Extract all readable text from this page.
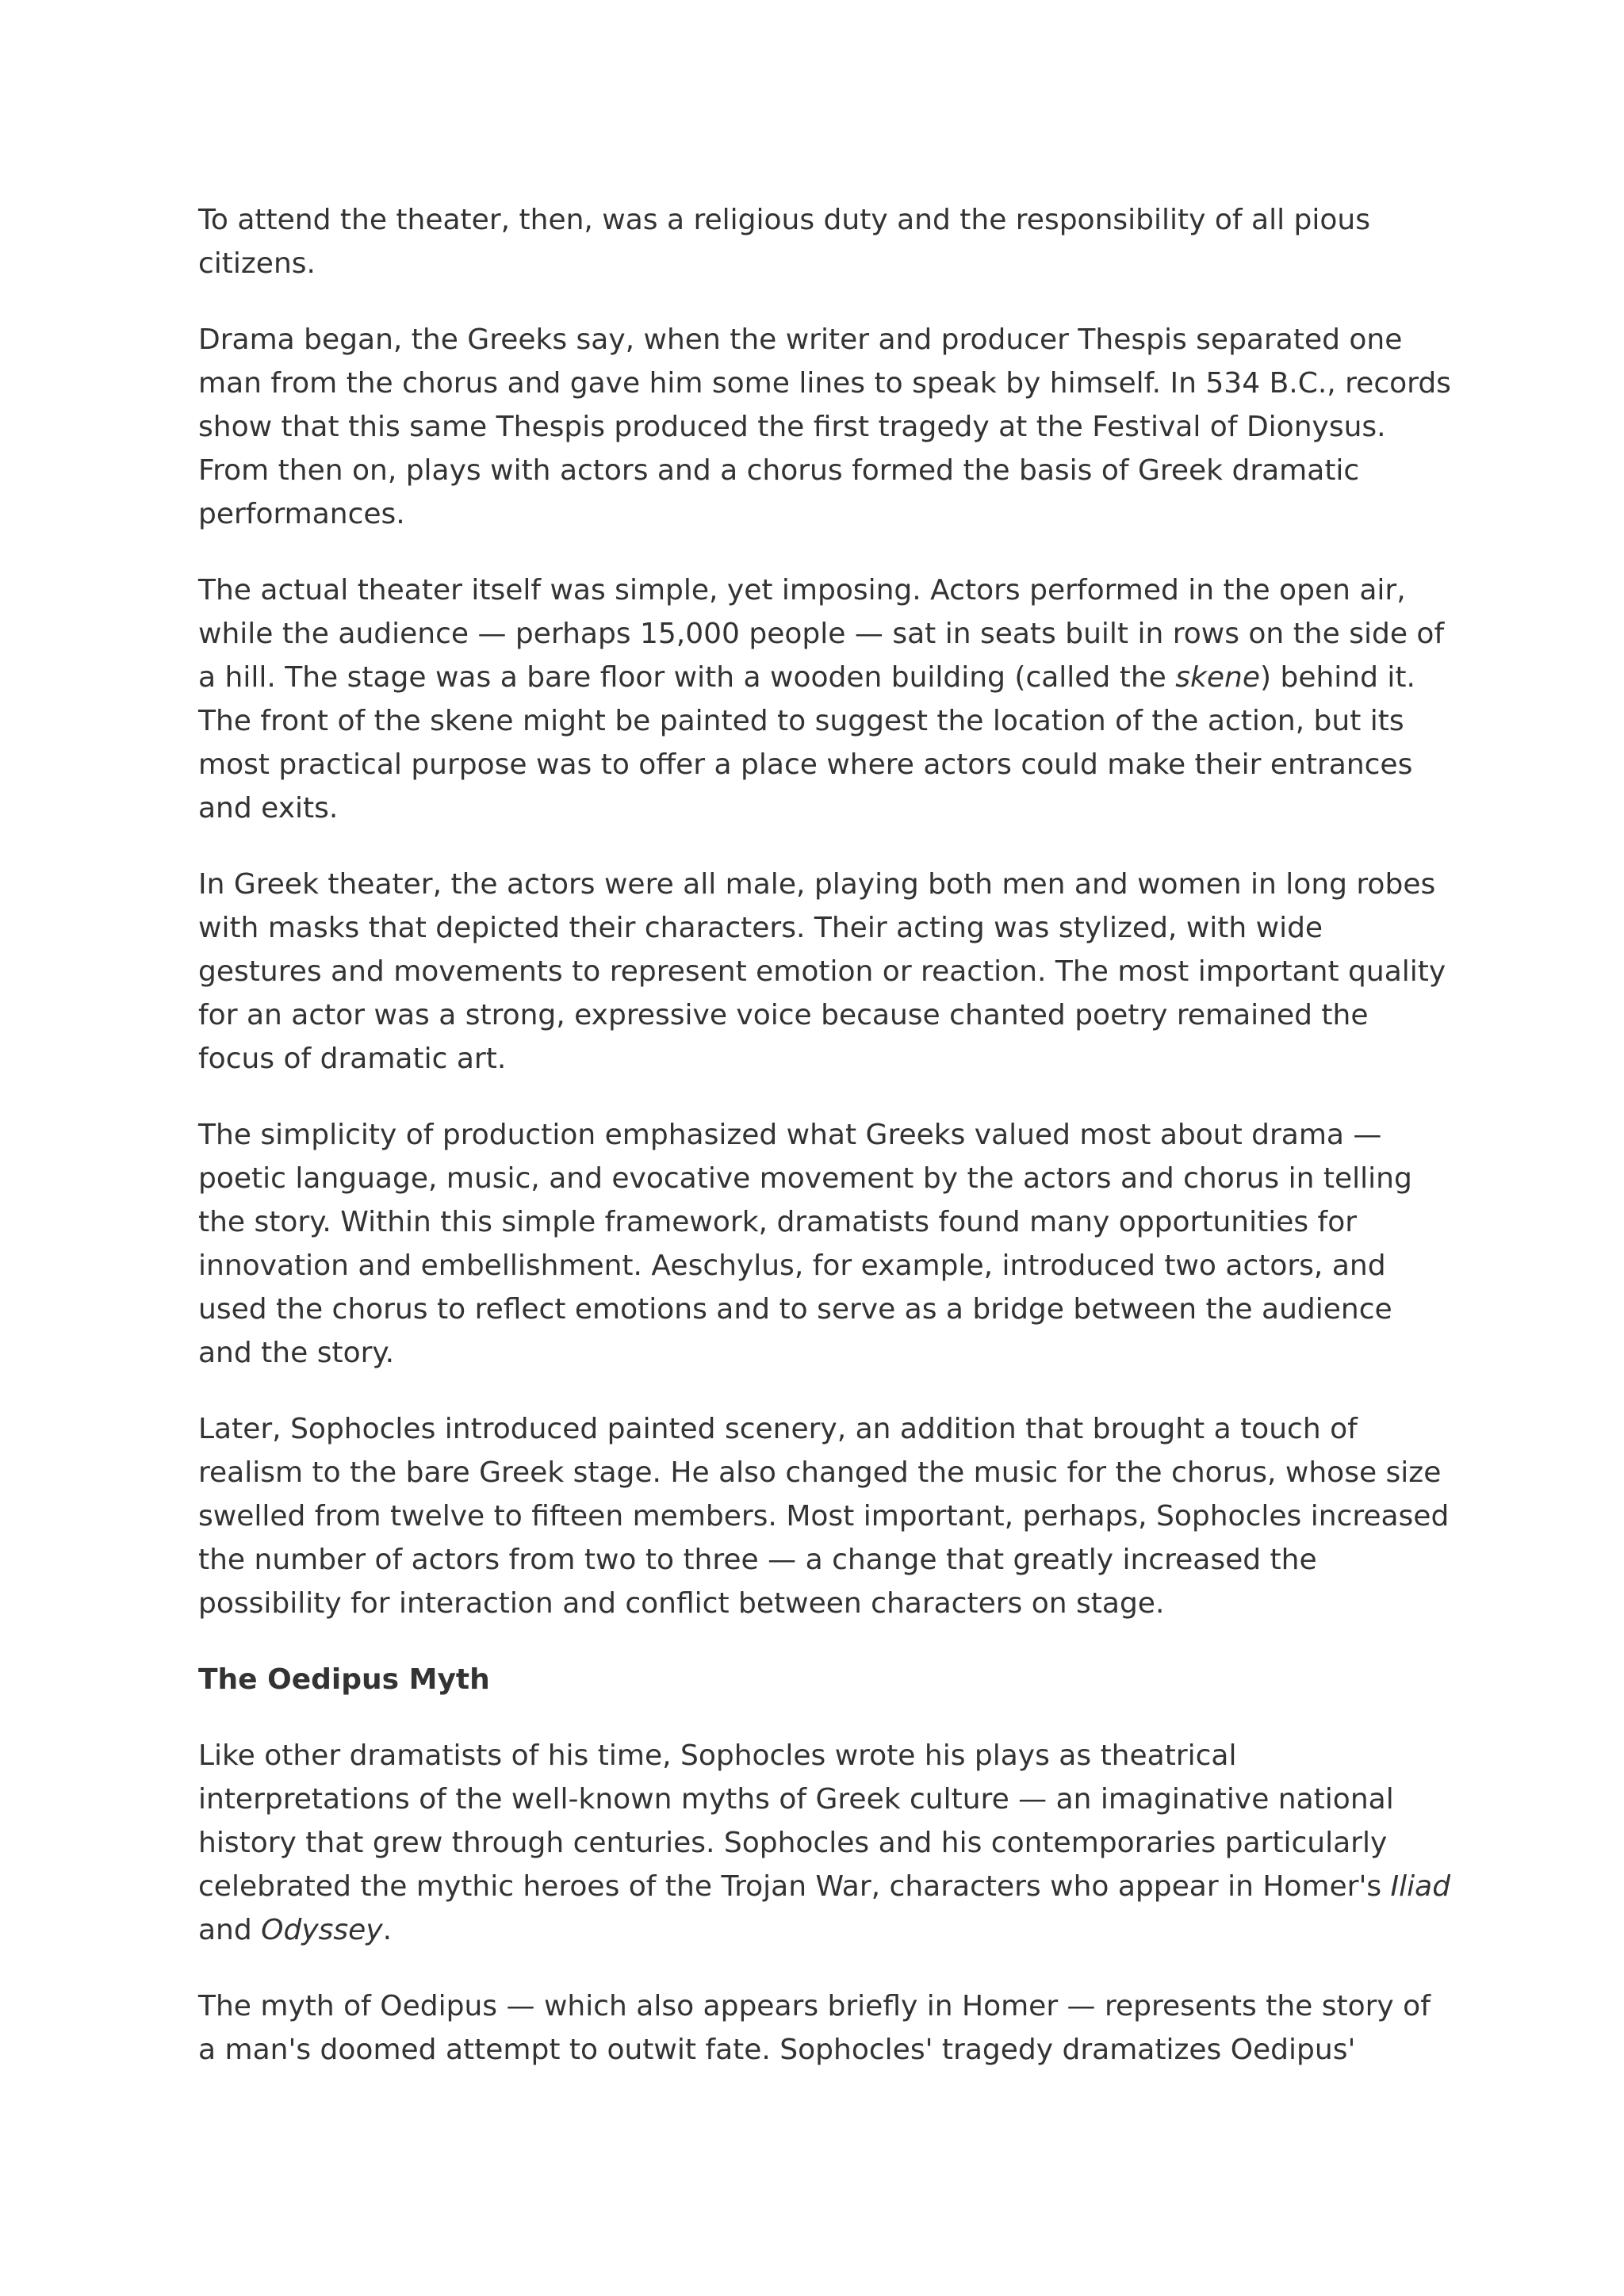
To attend the theater, then, was a religious duty and the responsibility of all pious citizens.

Drama began, the Greeks say, when the writer and producer Thespis separated one man from the chorus and gave him some lines to speak by himself. In 534 B.C., records show that this same Thespis produced the first tragedy at the Festival of Dionysus. From then on, plays with actors and a chorus formed the basis of Greek dramatic performances.

The actual theater itself was simple, yet imposing. Actors performed in the open air, while the audience — perhaps 15,000 people — sat in seats built in rows on the side of a hill. The stage was a bare floor with a wooden building (called the skene) behind it. The front of the skene might be painted to suggest the location of the action, but its most practical purpose was to offer a place where actors could make their entrances and exits.

In Greek theater, the actors were all male, playing both men and women in long robes with masks that depicted their characters. Their acting was stylized, with wide gestures and movements to represent emotion or reaction. The most important quality for an actor was a strong, expressive voice because chanted poetry remained the focus of dramatic art.

The simplicity of production emphasized what Greeks valued most about drama — poetic language, music, and evocative movement by the actors and chorus in telling the story. Within this simple framework, dramatists found many opportunities for innovation and embellishment. Aeschylus, for example, introduced two actors, and used the chorus to reflect emotions and to serve as a bridge between the audience and the story.

Later, Sophocles introduced painted scenery, an addition that brought a touch of realism to the bare Greek stage. He also changed the music for the chorus, whose size swelled from twelve to fifteen members. Most important, perhaps, Sophocles increased the number of actors from two to three — a change that greatly increased the possibility for interaction and conflict between characters on stage.

The Oedipus Myth

Like other dramatists of his time, Sophocles wrote his plays as theatrical interpretations of the well-known myths of Greek culture — an imaginative national history that grew through centuries. Sophocles and his contemporaries particularly celebrated the mythic heroes of the Trojan War, characters who appear in Homer's Iliad and Odyssey.

The myth of Oedipus — which also appears briefly in Homer — represents the story of a man's doomed attempt to outwit fate. Sophocles' tragedy dramatizes Oedipus'
